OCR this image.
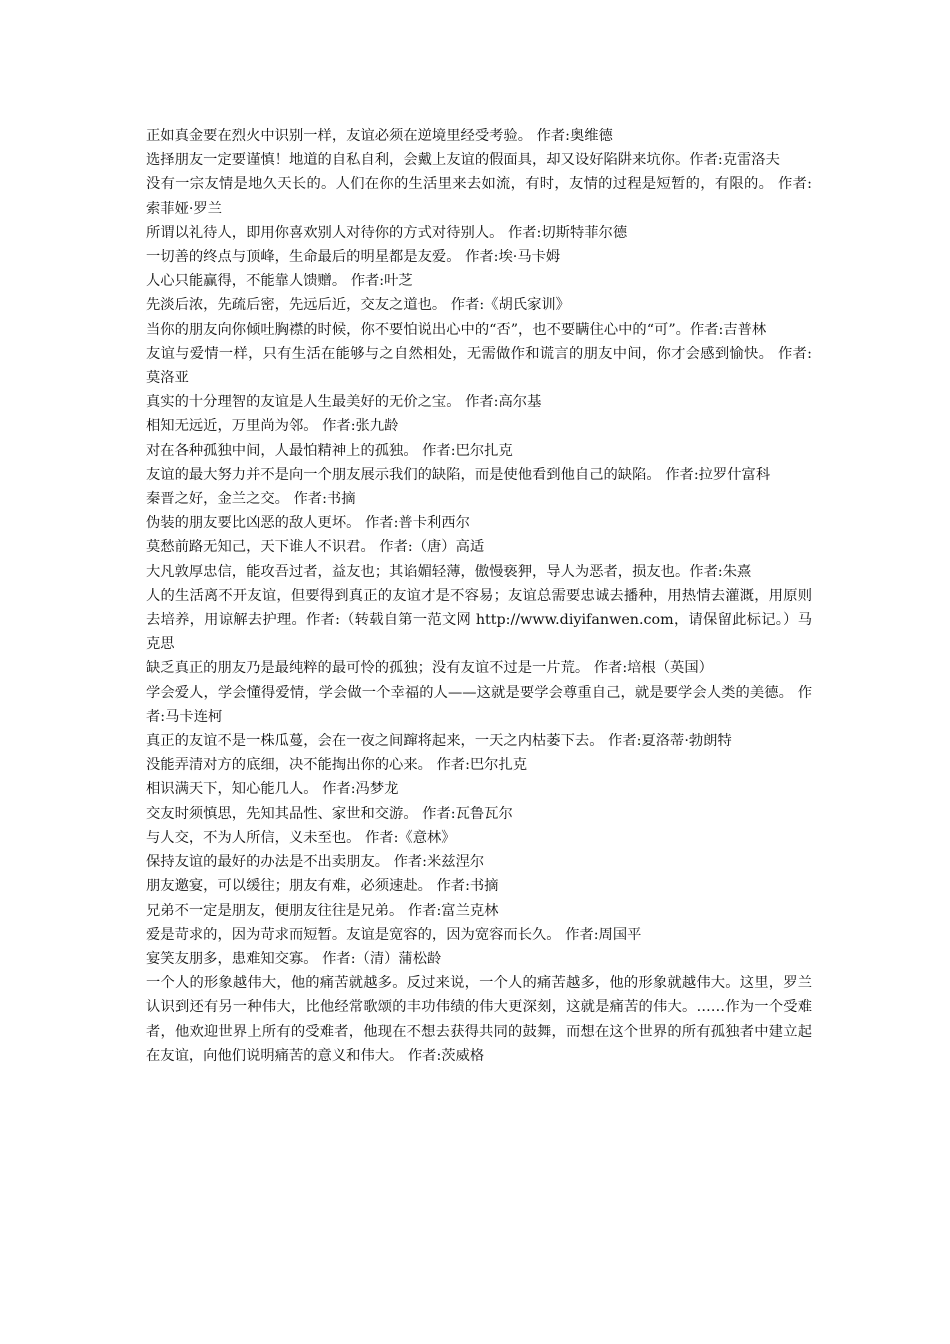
正如真金要在烈火中识别一样，友谊必须在逆境里经受考验。 作者:奥维德

选择朋友一定要谨慎！地道的自私自利，会戴上友谊的假面具，却又设好陷阱来坑你。作者:克雷洛夫

没有一宗友情是地久天长的。人们在你的生活里来去如流，有时，友情的过程是短暂的，有限的。 作者:索菲娅·罗兰

所谓以礼待人，即用你喜欢别人对待你的方式对待别人。 作者:切斯特菲尔德

一切善的终点与顶峰，生命最后的明星都是友爱。 作者:埃·马卡姆

人心只能赢得，不能靠人馈赠。 作者:叶芝

先淡后浓，先疏后密，先远后近，交友之道也。 作者:《胡氏家训》

当你的朋友向你倾吐胸襟的时候，你不要怕说出心中的“否”，也不要瞒住心中的“可”。作者:吉普林

友谊与爱情一样，只有生活在能够与之自然相处，无需做作和谎言的朋友中间，你才会感到愉快。 作者:莫洛亚

真实的十分理智的友谊是人生最美好的无价之宝。 作者:高尔基

相知无远近，万里尚为邻。 作者:张九龄

对在各种孤独中间，人最怕精神上的孤独。 作者:巴尔扎克

友谊的最大努力并不是向一个朋友展示我们的缺陷，而是使他看到他自己的缺陷。 作者:拉罗什富科

秦晋之好，金兰之交。 作者:书摘

伪装的朋友要比凶恶的敌人更坏。 作者:普卡利西尔

莫愁前路无知己，天下谁人不识君。 作者:（唐）高适

大凡敦厚忠信，能攻吾过者，益友也；其谄媚轻薄，傲慢亵狎，导人为恶者，损友也。作者:朱熹

人的生活离不开友谊，但要得到真正的友谊才是不容易；友谊总需要忠诚去播种，用热情去灌溉，用原则去培养，用谅解去护理。作者:（转载自第一范文网 http://www.diyifanwen.com，请保留此标记。）马克思

缺乏真正的朋友乃是最纯粹的最可怜的孤独；没有友谊不过是一片荒。 作者:培根（英国）

学会爱人，学会懂得爱情，学会做一个幸福的人——这就是要学会尊重自己，就是要学会人类的美德。 作者:马卡连柯

真正的友谊不是一株瓜蔓，会在一夜之间蹿将起来，一天之内枯萎下去。 作者:夏洛蒂·勃朗特

没能弄清对方的底细，决不能掏出你的心来。 作者:巴尔扎克

相识满天下，知心能几人。 作者:冯梦龙

交友时须慎思，先知其品性、家世和交游。 作者:瓦鲁瓦尔

与人交，不为人所信，义未至也。 作者:《意林》

保持友谊的最好的办法是不出卖朋友。 作者:米兹涅尔

朋友邀宴，可以缓往；朋友有难，必须速赴。 作者:书摘

兄弟不一定是朋友，便朋友往往是兄弟。 作者:富兰克林

爱是苛求的，因为苛求而短暂。友谊是宽容的，因为宽容而长久。 作者:周国平

宴笑友朋多，患难知交寡。 作者:（清）蒲松龄

一个人的形象越伟大，他的痛苦就越多。反过来说，一个人的痛苦越多，他的形象就越伟大。这里，罗兰认识到还有另一种伟大，比他经常歌颂的丰功伟绩的伟大更深刻，这就是痛苦的伟大。……作为一个受难者，他欢迎世界上所有的受难者，他现在不想去获得共同的鼓舞，而想在这个世界的所有孤独者中建立起在友谊，向他们说明痛苦的意义和伟大。 作者:茨威格
